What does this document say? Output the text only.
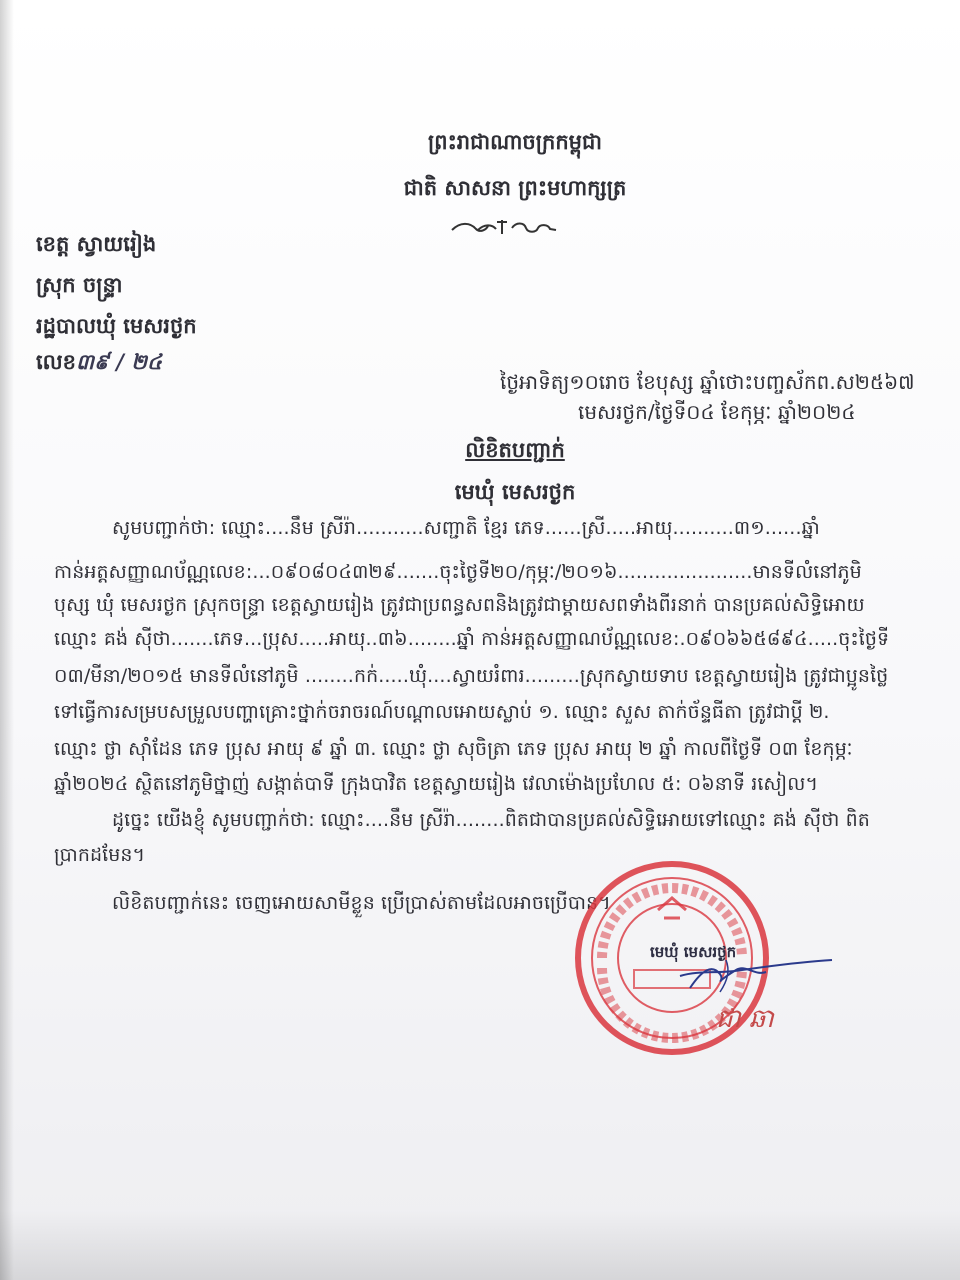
ព្រះរាជាណាចក្រកម្ពុជា
ជាតិ សាសនា ព្រះមហាក្សត្រ
ខេត្ត ស្វាយរៀង
ស្រុក ចន្ទ្រា
រដ្ឋបាលឃុំ មេសរថ្ងក
លេខ៣៩ / ២៤
ថ្ងៃអាទិត្យ១០រោច ខែបុស្ស ឆ្នាំថោះបញ្ចស័ក​ព.ស២៥៦៧
មេសរថ្ងក/ថ្ងៃទី០៤ ខែកុម្ភៈ ឆ្នាំ២០២៤
លិខិតបញ្ជាក់
មេឃុំ មេសរថ្ងក
សូមបញ្ជាក់ថា: ឈ្មោះ....នឹម ស្រីរ៉ា...........សញ្ជាតិ ខ្មែរ ភេទ......ស្រី.....អាយុ..........៣១......ឆ្នាំ
កាន់អត្តសញ្ញាណប័ណ្ណលេខ:...០៩០៨០៤៣២៩.......ចុះថ្ងៃទី២០/កុម្ភៈ/២០១៦......................មានទីលំនៅភូមិ
បុស្ស ឃុំ មេសរថ្ងក ស្រុកចន្ទ្រា ខេត្តស្វាយរៀង ត្រូវជាប្រពន្ធសពនិងត្រូវជាម្តាយសពទាំងពីរនាក់ បានប្រគល់សិទ្ធិអោយ
ឈ្មោះ គង់ ស៊ីថា.......ភេទ...ប្រុស.....អាយុ..៣៦........ឆ្នាំ កាន់អត្តសញ្ញាណប័ណ្ណលេខ:.០៩០៦៦៥៨៩៤.....ចុះថ្ងៃទី
០៣/មីនា/២០១៥ មានទីលំនៅភូមិ ........កក់.....ឃុំ....ស្វាយរំពារ.........ស្រុកស្វាយទាប ខេត្តស្វាយរៀង ត្រូវជាប្អូនថ្លៃ
ទៅធ្វើការសម្របសម្រួលបញ្ហាគ្រោះថ្នាក់ចរាចរណ៍បណ្តាលអោយស្លាប់ ១. ឈ្មោះ សួស តាក់ច័ន្ទធីតា ត្រូវជាប្តី ២.
ឈ្មោះ ថ្លា ស៊ាំដែន ភេទ ប្រុស អាយុ ៩ ឆ្នាំ ៣. ឈ្មោះ ថ្លា សុចិត្រា ភេទ ប្រុស អាយុ ២ ឆ្នាំ កាលពីថ្ងៃទី ០៣ ខែកុម្ភៈ
ឆ្នាំ២០២៤ ស្ថិតនៅភូមិថ្នាញ់ សង្កាត់បាទី ក្រុងបាវិត ខេត្តស្វាយរៀង វេលាម៉ោងប្រហែល ៥: ០៦នាទី រសៀល។
ដូច្នេះ យើងខ្ញុំ សូមបញ្ជាក់ថា: ឈ្មោះ....នឹម ស្រីរ៉ា........ពិតជាបានប្រគល់សិទ្ធិអោយទៅឈ្មោះ គង់ ស៊ីថា ពិត
ប្រាកដមែន។
លិខិតបញ្ជាក់នេះ ចេញអោយសាមីខ្លួន ប្រើប្រាស់តាមដែលអាចប្រើបាន។
មេឃុំ មេសរថ្ងក
ជា ឆា
